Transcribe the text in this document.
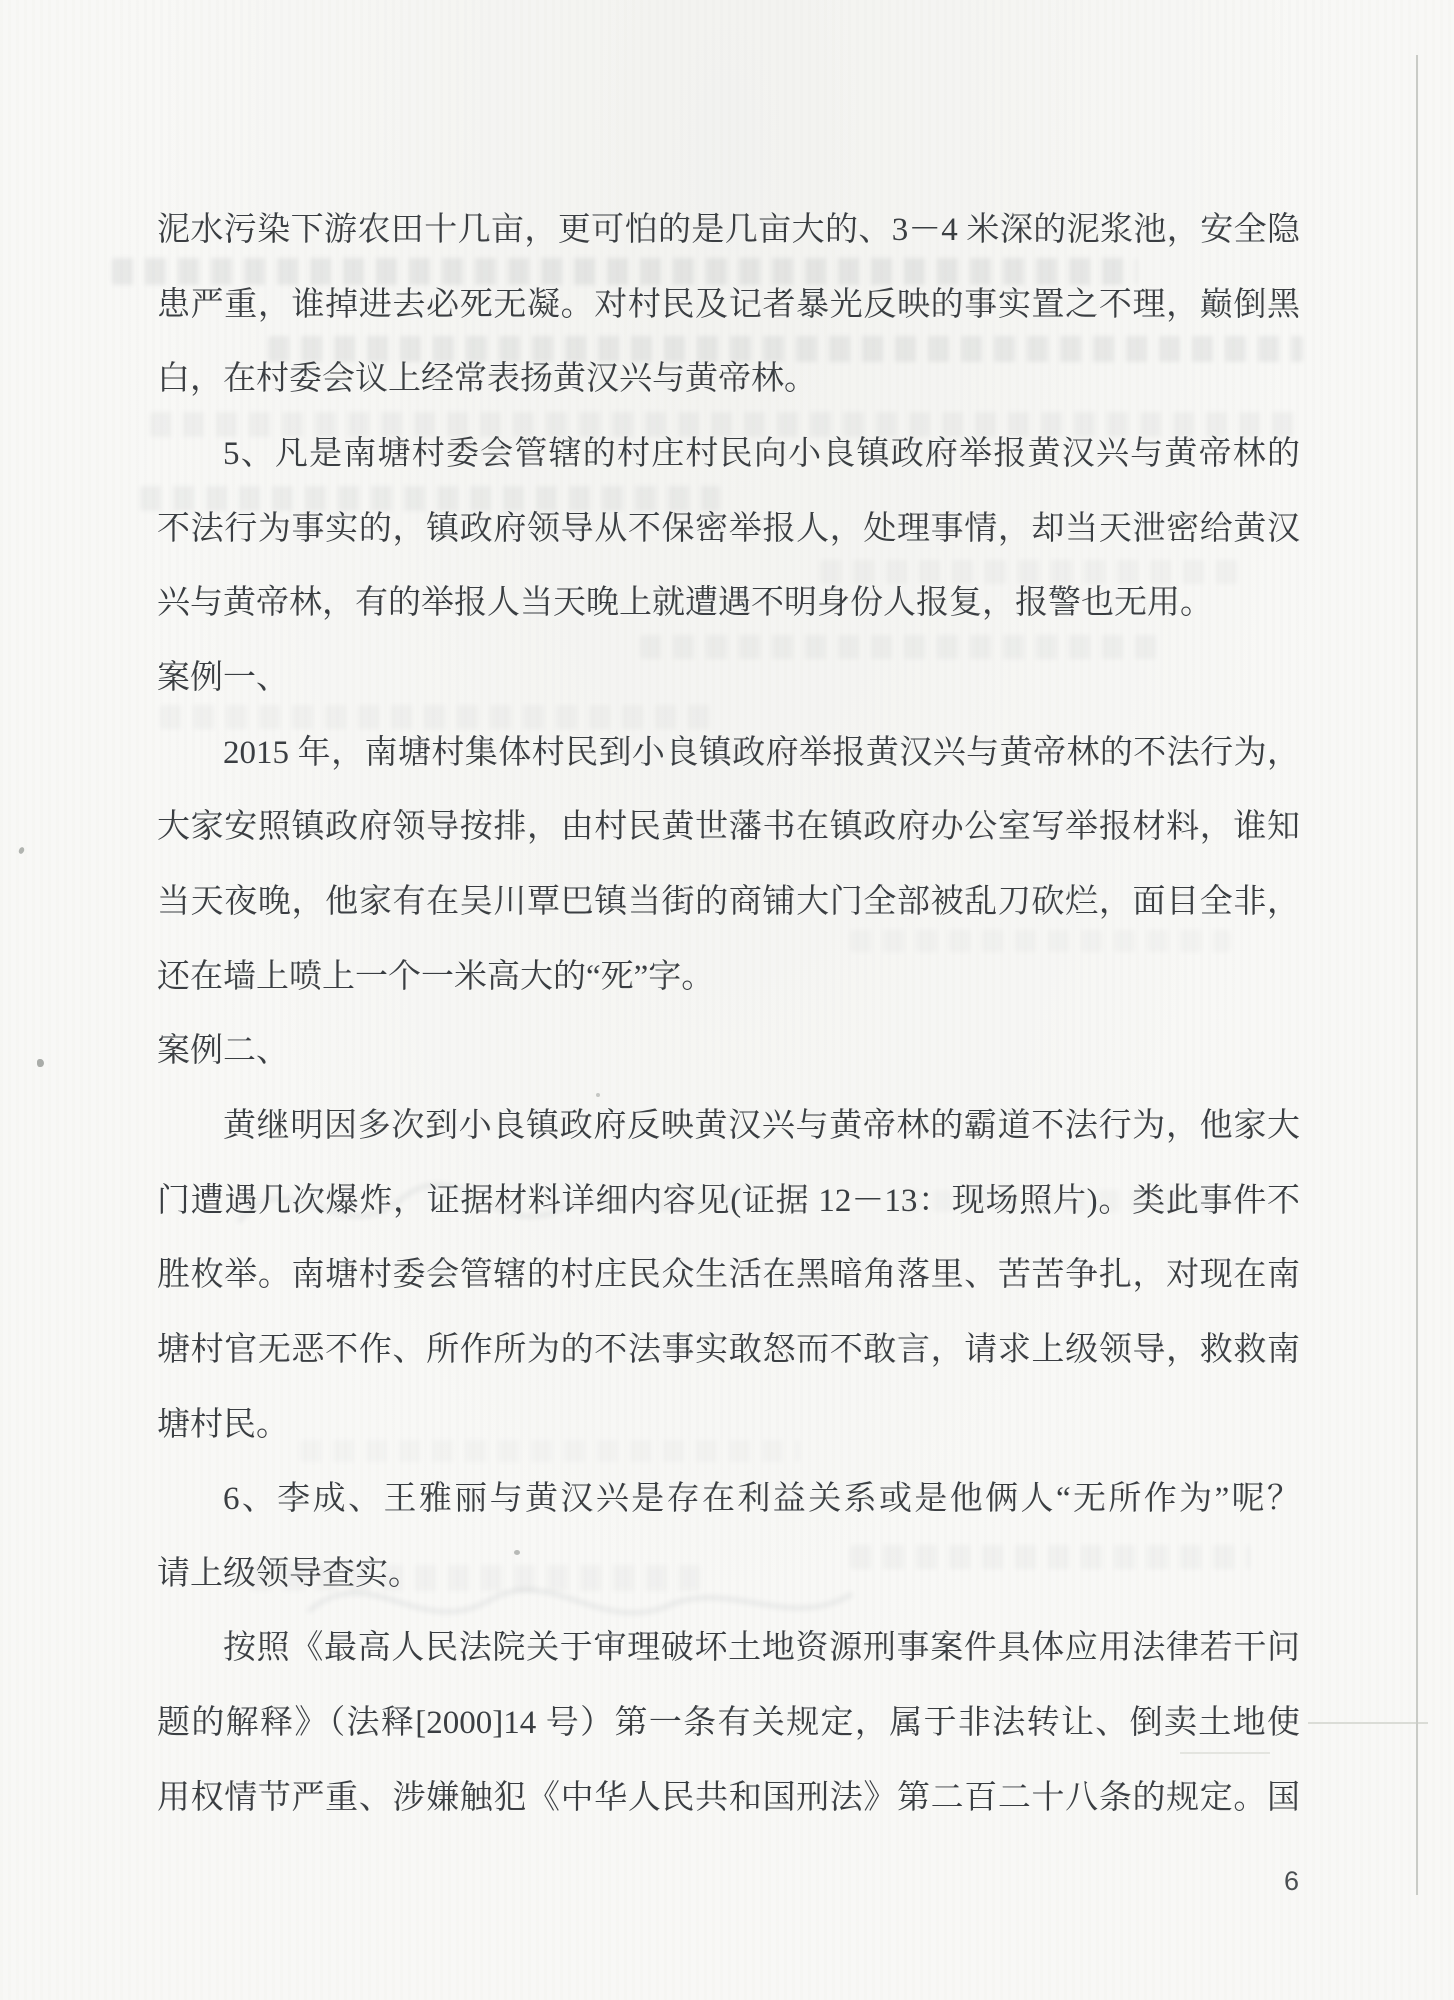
泥水污染下游农田十几亩，更可怕的是几亩大的、3－4 米深的泥浆池，安全隐
患严重，谁掉进去必死无凝。对村民及记者暴光反映的事实置之不理，巅倒黑
白，在村委会议上经常表扬黄汉兴与黄帝林。
5、凡是南塘村委会管辖的村庄村民向小良镇政府举报黄汉兴与黄帝林的
不法行为事实的，镇政府领导从不保密举报人，处理事情，却当天泄密给黄汉
兴与黄帝林，有的举报人当天晚上就遭遇不明身份人报复，报警也无用。
案例一、
2015 年，南塘村集体村民到小良镇政府举报黄汉兴与黄帝林的不法行为，
大家安照镇政府领导按排，由村民黄世藩书在镇政府办公室写举报材料，谁知
当天夜晚，他家有在吴川覃巴镇当街的商铺大门全部被乱刀砍烂，面目全非，
还在墙上喷上一个一米高大的“死”字。
案例二、
黄继明因多次到小良镇政府反映黄汉兴与黄帝林的霸道不法行为，他家大
门遭遇几次爆炸，证据材料详细内容见(证据 12－13：现场照片)。类此事件不
胜枚举。南塘村委会管辖的村庄民众生活在黑暗角落里、苦苦争扎，对现在南
塘村官无恶不作、所作所为的不法事实敢怒而不敢言，请求上级领导，救救南
塘村民。
6、李成、王雅丽与黄汉兴是存在利益关系或是他俩人“无所作为”呢？
请上级领导查实。
按照《最高人民法院关于审理破坏土地资源刑事案件具体应用法律若干问
题的解释》（法释[2000]14 号）第一条有关规定，属于非法转让、倒卖土地使
用权情节严重、涉嫌触犯《中华人民共和国刑法》第二百二十八条的规定。国
6
